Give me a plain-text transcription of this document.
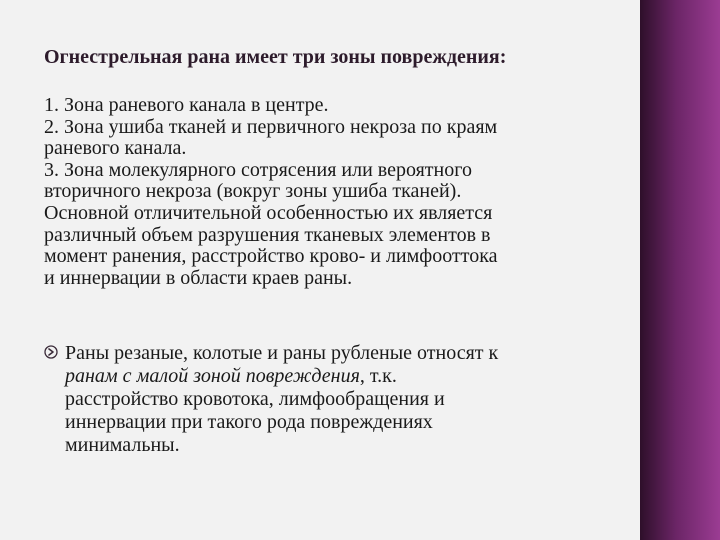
Огнестрельная рана имеет три зоны повреждения:
1. Зона раневого канала в центре.
2. Зона ушиба тканей и первичного некроза по краям
раневого канала.
3. Зона молекулярного сотрясения или вероятного
вторичного некроза (вокруг зоны ушиба тканей).
Основной отличительной особенностью их является
различный объем разрушения тканевых элементов в
момент ранения, расстройство крово- и лимфооттока
и иннервации в области краев раны.
Раны резаные, колотые и раны рубленые относят к
ранам с малой зоной повреждения, т.к.
расстройство кровотока, лимфообращения и
иннервации при такого рода повреждениях
минимальны.
